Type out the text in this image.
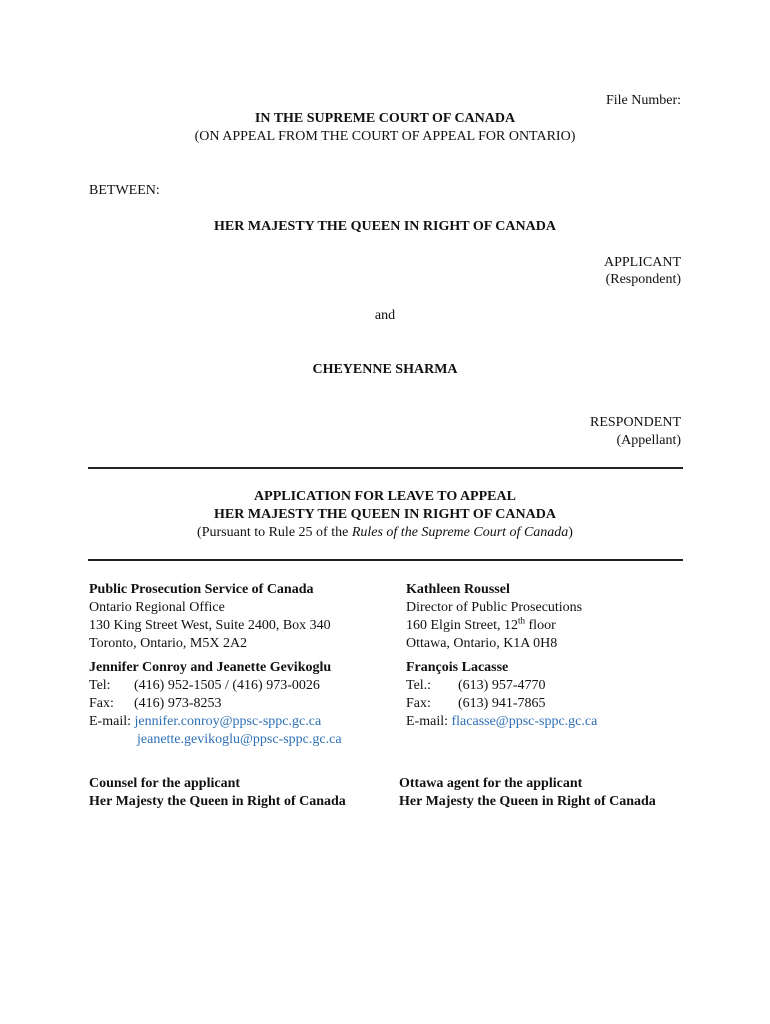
File Number:
IN THE SUPREME COURT OF CANADA
(ON APPEAL FROM THE COURT OF APPEAL FOR ONTARIO)
BETWEEN:
HER MAJESTY THE QUEEN IN RIGHT OF CANADA
APPLICANT
(Respondent)
and
CHEYENNE SHARMA
RESPONDENT
(Appellant)
APPLICATION FOR LEAVE TO APPEAL
HER MAJESTY THE QUEEN IN RIGHT OF CANADA
(Pursuant to Rule 25 of the Rules of the Supreme Court of Canada)
Public Prosecution Service of Canada
Ontario Regional Office
130 King Street West, Suite 2400, Box 340
Toronto, Ontario, M5X 2A2
Jennifer Conroy and Jeanette Gevikoglu
Tel: (416) 952-1505 / (416) 973-0026
Fax: (416) 973-8253
E-mail: jennifer.conroy@ppsc-sppc.gc.ca
jeanette.gevikoglu@ppsc-sppc.gc.ca
Counsel for the applicant
Her Majesty the Queen in Right of Canada
Kathleen Roussel
Director of Public Prosecutions
160 Elgin Street, 12th floor
Ottawa, Ontario, K1A 0H8
François Lacasse
Tel.: (613) 957-4770
Fax: (613) 941-7865
E-mail: flacasse@ppsc-sppc.gc.ca
Ottawa agent for the applicant
Her Majesty the Queen in Right of Canada
